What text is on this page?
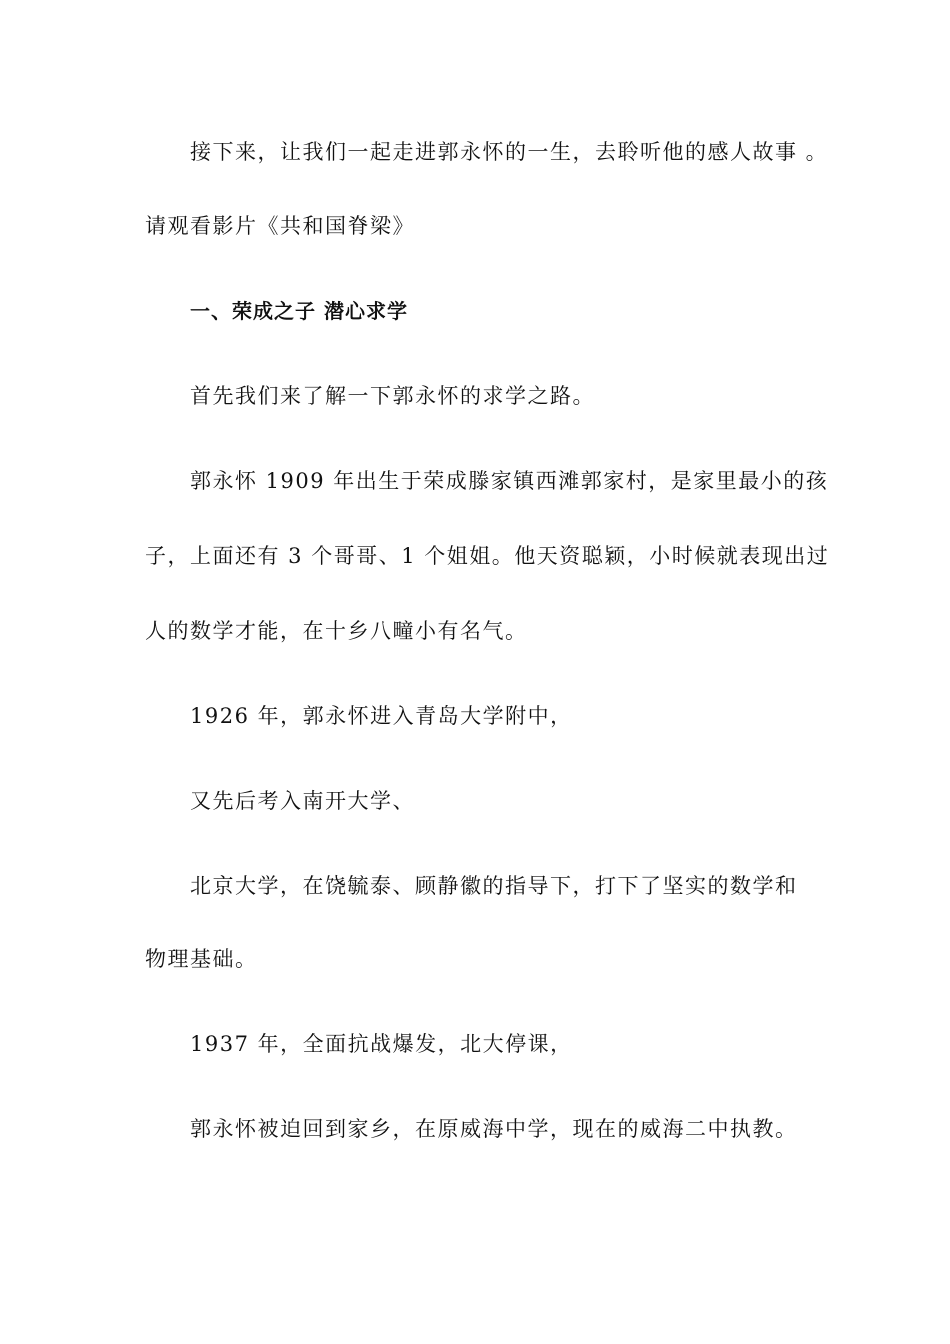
接下来，让我们一起走进郭永怀的一生，去聆听他的感人故事 。
请观看影片《共和国脊梁》
一、荣成之子 潜心求学
首先我们来了解一下郭永怀的求学之路。
郭永怀 1909 年出生于荣成滕家镇西滩郭家村，是家里最小的孩
子，上面还有 3 个哥哥、1 个姐姐。他天资聪颖，小时候就表现出过
人的数学才能，在十乡八疃小有名气。
1926 年，郭永怀进入青岛大学附中，
又先后考入南开大学、
北京大学，在饶毓泰、顾静徽的指导下，打下了坚实的数学和
物理基础。
1937 年，全面抗战爆发，北大停课，
郭永怀被迫回到家乡，在原威海中学，现在的威海二中执教。
